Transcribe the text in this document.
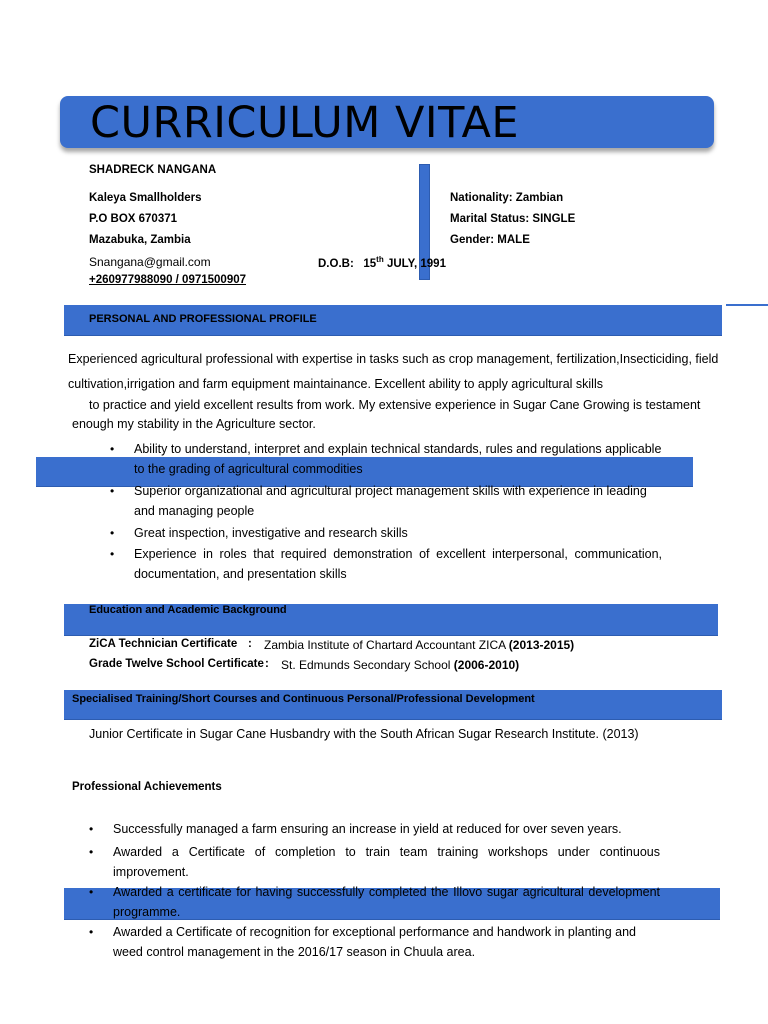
CURRICULUM VITAE
SHADRECK NANGANA
Kaleya Smallholders
P.O BOX 670371
Mazabuka, Zambia
Snangana@gmail.com
+260977988090 / 0971500907
D.O.B: 15th JULY, 1991
Nationality: Zambian
Marital Status: SINGLE
Gender: MALE
PERSONAL AND PROFESSIONAL PROFILE
Experienced agricultural professional with expertise in tasks such as crop management, fertilization,Insecticiding, field
cultivation,irrigation and farm equipment maintainance. Excellent ability to apply agricultural skills
to practice and yield excellent results from work. My extensive experience in Sugar Cane Growing is testament
enough my stability in the Agriculture sector.
• Ability to understand, interpret and explain technical standards, rules and regulations applicable to the grading of agricultural commodities
• Superior organizational and agricultural project management skills with experience in leading and managing people
• Great inspection, investigative and research skills
• Experience in roles that required demonstration of excellent interpersonal, communication, documentation, and presentation skills
Education and Academic Background
ZiCA Technician Certificate : Zambia Institute of Chartard Accountant ZICA (2013-2015)
Grade Twelve School Certificate : St. Edmunds Secondary School (2006-2010)
Specialised Training/Short Courses and Continuous Personal/Professional Development
Junior Certificate in Sugar Cane Husbandry with the South African Sugar Research Institute. (2013)
Professional Achievements
• Successfully managed a farm ensuring an increase in yield at reduced for over seven years.
• Awarded a Certificate of completion to train team training workshops under continuous improvement.
• Awarded a certificate for having successfully completed the Illovo sugar agricultural development programme.
• Awarded a Certificate of recognition for exceptional performance and handwork in planting and weed control management in the 2016/17 season in Chuula area.
